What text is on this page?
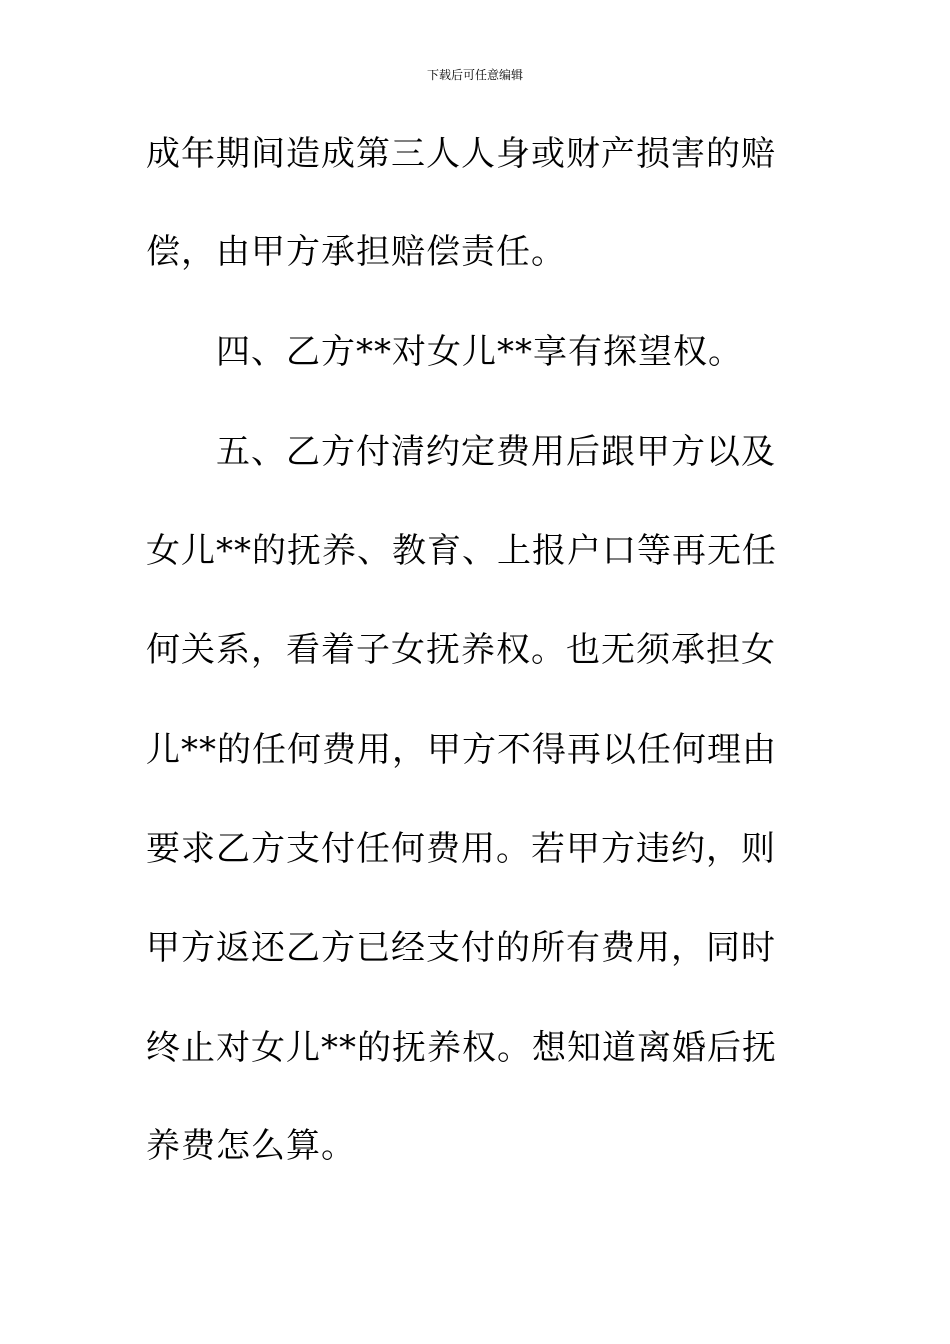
下载后可任意编辑
成年期间造成第三人人身或财产损害的赔
偿，由甲方承担赔偿责任。
　　四、乙方**对女儿**享有探望权。
　　五、乙方付清约定费用后跟甲方以及
女儿**的抚养、教育、上报户口等再无任
何关系，看着子女抚养权。也无须承担女
儿**的任何费用，甲方不得再以任何理由
要求乙方支付任何费用。若甲方违约，则
甲方返还乙方已经支付的所有费用，同时
终止对女儿**的抚养权。想知道离婚后抚
养费怎么算。
